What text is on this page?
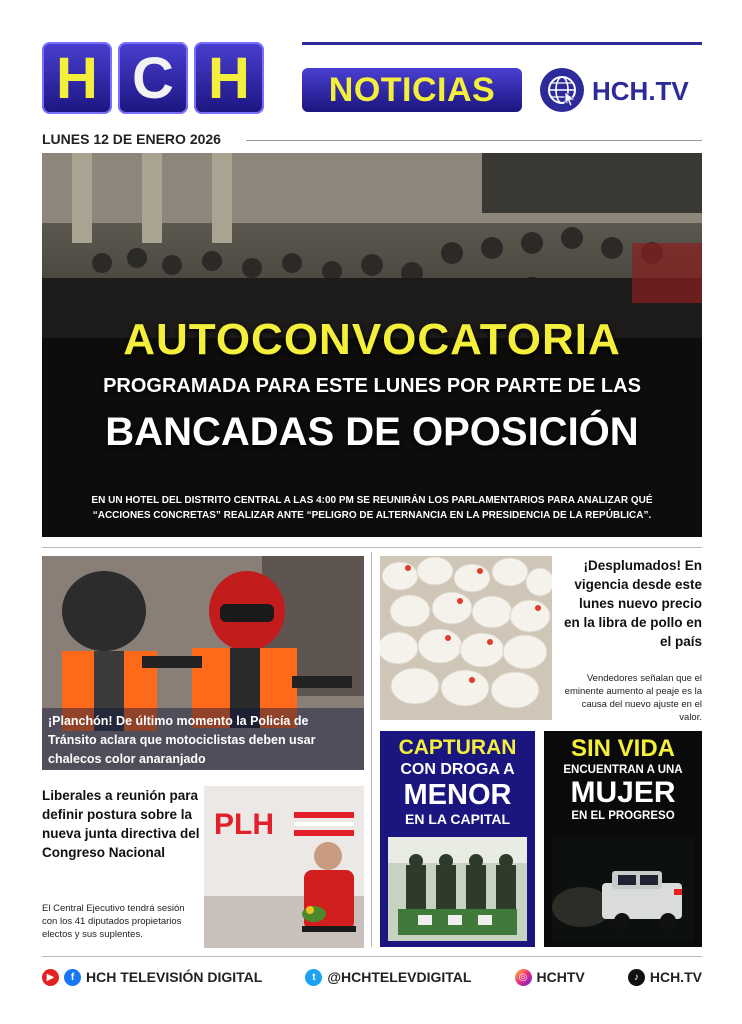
H C H	NOTICIAS	HCH.TV
LUNES 12 DE ENERO 2026
AUTOCONVOCATORIA
PROGRAMADA PARA ESTE LUNES POR PARTE DE LAS
BANCADAS DE OPOSICIÓN
EN UN HOTEL DEL DISTRITO CENTRAL A LAS 4:00 PM SE REUNIRÁN LOS PARLAMENTARIOS PARA ANALIZAR QUÉ
“ACCIONES CONCRETAS” REALIZAR ANTE “PELIGRO DE ALTERNANCIA EN LA PRESIDENCIA DE LA REPÚBLICA”.
¡Planchón! De último momento la Policía de Tránsito aclara que motociclistas deben usar chalecos color anaranjado
¡Desplumados! En vigencia desde este lunes nuevo precio en la libra de pollo en el país
Vendedores señalan que el eminente aumento al peaje es la causa del nuevo ajuste en el valor.
Liberales a reunión para definir postura sobre la nueva junta directiva del Congreso Nacional
El Central Ejecutivo tendrá sesión con los 41 diputados propietarios electos y sus suplentes.
PLH
CAPTURAN
CON DROGA A
MENOR
EN LA CAPITAL
SIN VIDA
ENCUENTRAN A UNA
MUJER
EN EL PROGRESO
▶	f HCH TELEVISIÓN DIGITAL	t @HCHTELEVDIGITAL	◎ HCHTV	♪ HCH.TV
